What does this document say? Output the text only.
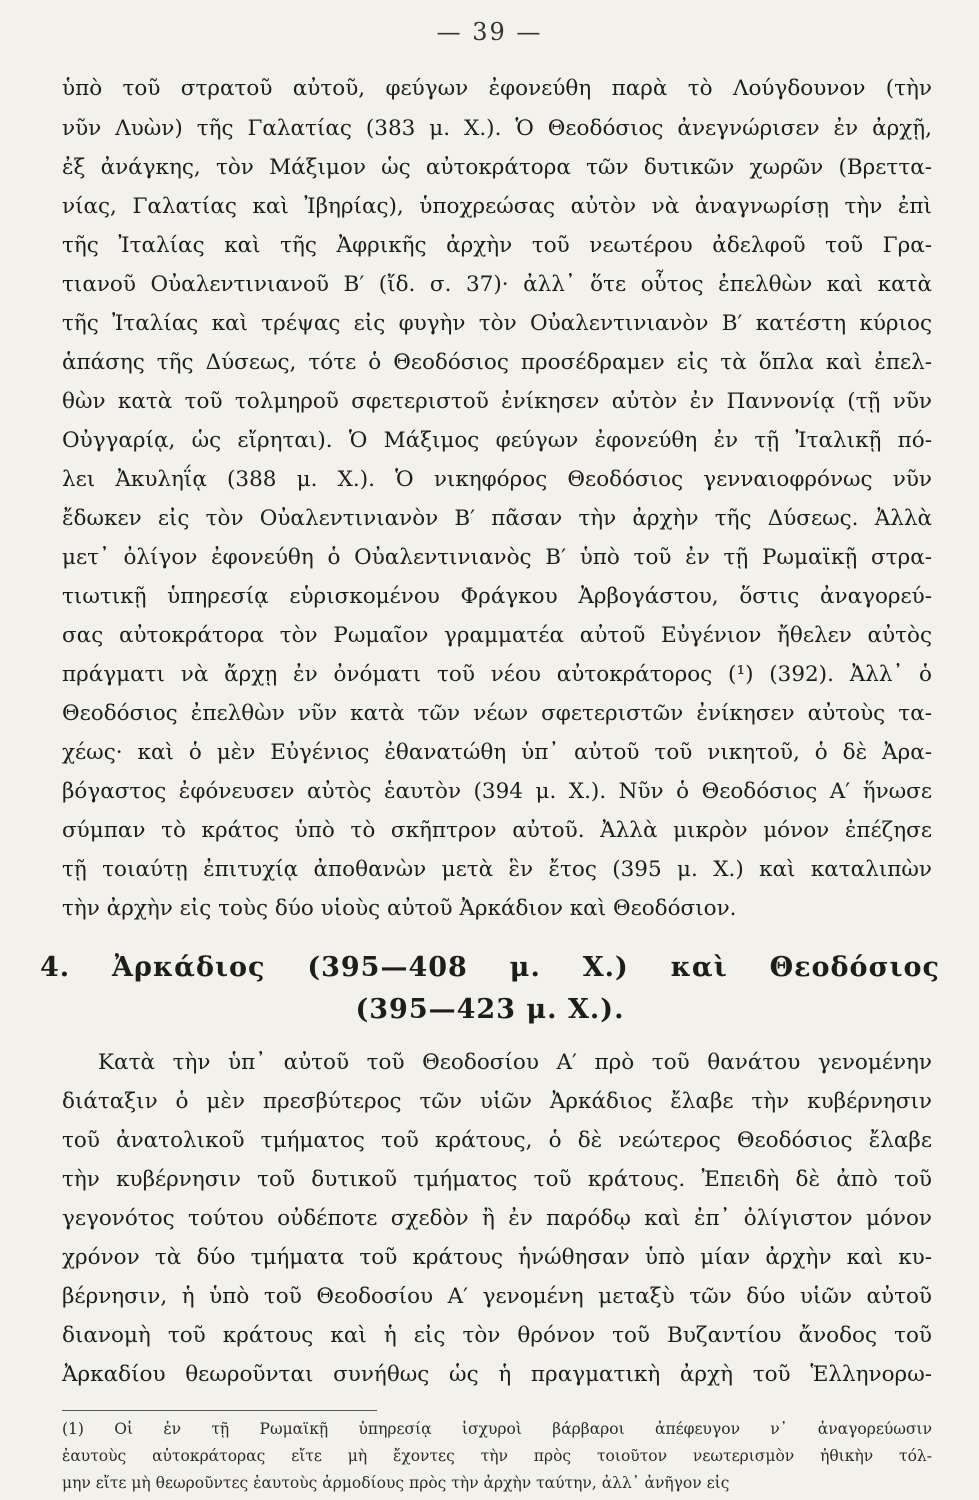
— 39 —
ὑπὸ τοῦ στρατοῦ αὐτοῦ, φεύγων ἐφονεύθη παρὰ τὸ Λούγδουνον (τὴν
νῦν Λυὼν) τῆς Γαλατίας (383 μ. Χ.). Ὁ Θεοδόσιος ἀνεγνώρισεν ἐν ἀρχῇ,
ἐξ ἀνάγκης, τὸν Μάξιμον ὡς αὐτοκράτορα τῶν δυτικῶν χωρῶν (Βρεττα-
νίας, Γαλατίας καὶ Ἰβηρίας), ὑποχρεώσας αὐτὸν νὰ ἀναγνωρίσῃ τὴν ἐπὶ
τῆς Ἰταλίας καὶ τῆς Ἀφρικῆς ἀρχὴν τοῦ νεωτέρου ἀδελφοῦ τοῦ Γρα-
τιανοῦ Οὐαλεντινιανοῦ Β′ (ἴδ. σ. 37)· ἀλλ᾽ ὅτε οὗτος ἐπελθὼν καὶ κατὰ
τῆς Ἰταλίας καὶ τρέψας εἰς φυγὴν τὸν Οὐαλεντινιανὸν Β′ κατέστη κύριος
ἁπάσης τῆς Δύσεως, τότε ὁ Θεοδόσιος προσέδραμεν εἰς τὰ ὅπλα καὶ ἐπελ-
θὼν κατὰ τοῦ τολμηροῦ σφετεριστοῦ ἐνίκησεν αὐτὸν ἐν Παννονίᾳ (τῇ νῦν
Οὐγγαρίᾳ, ὡς εἴρηται). Ὁ Μάξιμος φεύγων ἐφονεύθη ἐν τῇ Ἰταλικῇ πό-
λει Ἀκυληΐᾳ (388 μ. Χ.). Ὁ νικηφόρος Θεοδόσιος γενναιοφρόνως νῦν
ἔδωκεν εἰς τὸν Οὐαλεντινιανὸν Β′ πᾶσαν τὴν ἀρχὴν τῆς Δύσεως. Ἀλλὰ
μετ᾽ ὀλίγον ἐφονεύθη ὁ Οὐαλεντινιανὸς Β′ ὑπὸ τοῦ ἐν τῇ Ρωμαϊκῇ στρα-
τιωτικῇ ὑπηρεσίᾳ εὑρισκομένου Φράγκου Ἀρβογάστου, ὅστις ἀναγορεύ-
σας αὐτοκράτορα τὸν Ρωμαῖον γραμματέα αὐτοῦ Εὐγένιον ἤθελεν αὐτὸς
πράγματι νὰ ἄρχῃ ἐν ὀνόματι τοῦ νέου αὐτοκράτορος (¹) (392). Ἀλλ᾽ ὁ
Θεοδόσιος ἐπελθὼν νῦν κατὰ τῶν νέων σφετεριστῶν ἐνίκησεν αὐτοὺς τα-
χέως· καὶ ὁ μὲν Εὐγένιος ἐθανατώθη ὑπ᾽ αὐτοῦ τοῦ νικητοῦ, ὁ δὲ Ἀρα-
βόγαστος ἐφόνευσεν αὐτὸς ἑαυτὸν (394 μ. Χ.). Νῦν ὁ Θεοδόσιος Α′ ἥνωσε
σύμπαν τὸ κράτος ὑπὸ τὸ σκῆπτρον αὐτοῦ. Ἀλλὰ μικρὸν μόνον ἐπέζησε
τῇ τοιαύτῃ ἐπιτυχίᾳ ἀποθανὼν μετὰ ἓν ἔτος (395 μ. Χ.) καὶ καταλιπὼν
τὴν ἀρχὴν εἰς τοὺς δύο υἱοὺς αὐτοῦ Ἀρκάδιον καὶ Θεοδόσιον.
4. Ἀρκάδιος (395—408 μ. Χ.) καὶ Θεοδόσιος
(395—423 μ. Χ.).
Κατὰ τὴν ὑπ᾽ αὐτοῦ τοῦ Θεοδοσίου Α′ πρὸ τοῦ θανάτου γενομένην
διάταξιν ὁ μὲν πρεσβύτερος τῶν υἱῶν Ἀρκάδιος ἔλαβε τὴν κυβέρνησιν
τοῦ ἀνατολικοῦ τμήματος τοῦ κράτους, ὁ δὲ νεώτερος Θεοδόσιος ἔλαβε
τὴν κυβέρνησιν τοῦ δυτικοῦ τμήματος τοῦ κράτους. Ἐπειδὴ δὲ ἀπὸ τοῦ
γεγονότος τούτου οὐδέποτε σχεδὸν ἢ ἐν παρόδῳ καὶ ἐπ᾽ ὀλίγιστον μόνον
χρόνον τὰ δύο τμήματα τοῦ κράτους ἡνώθησαν ὑπὸ μίαν ἀρχὴν καὶ κυ-
βέρνησιν, ἡ ὑπὸ τοῦ Θεοδοσίου Α′ γενομένη μεταξὺ τῶν δύο υἱῶν αὐτοῦ
διανομὴ τοῦ κράτους καὶ ἡ εἰς τὸν θρόνον τοῦ Βυζαντίου ἄνοδος τοῦ
Ἀρκαδίου θεωροῦνται συνήθως ὡς ἡ πραγματικὴ ἀρχὴ τοῦ Ἑλληνορω-
(1) Οἱ ἐν τῇ Ρωμαϊκῇ ὑπηρεσίᾳ ἰσχυροὶ βάρβαροι ἀπέφευγον ν᾽ ἀναγορεύωσιν
ἑαυτοὺς αὐτοκράτορας εἴτε μὴ ἔχοντες τὴν πρὸς τοιοῦτον νεωτερισμὸν ἠθικὴν τόλ-
μην εἴτε μὴ θεωροῦντες ἑαυτοὺς ἁρμοδίους πρὸς τὴν ἀρχὴν ταύτην, ἀλλ᾽ ἀνῆγον εἰς
